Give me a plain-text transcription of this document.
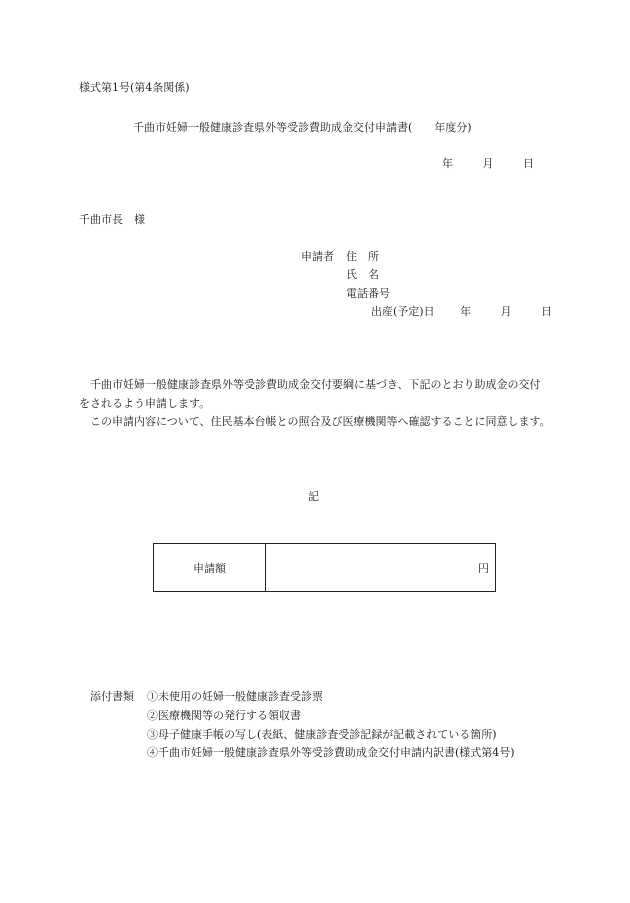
様式第1号(第4条関係)
千曲市妊婦一般健康診査県外等受診費助成金交付申請書(　　年度分)
年	月	日
千曲市長　様
申請者 住　所
氏　名
電話番号
出産(予定)日 年	月	日

千曲市妊婦一般健康診査県外等受診費助成金交付要綱に基づき、下記のとおり助成金の交付をされるよう申請します。

この申請内容について、住民基本台帳との照合及び医療機関等へ確認することに同意します。

記
申請額	円
添付書類 ①未使用の妊婦一般健康診査受診票
②医療機関等の発行する領収書
③母子健康手帳の写し(表紙、健康診査受診記録が記載されている箇所)
④千曲市妊婦一般健康診査県外等受診費助成金交付申請内訳書(様式第4号)
